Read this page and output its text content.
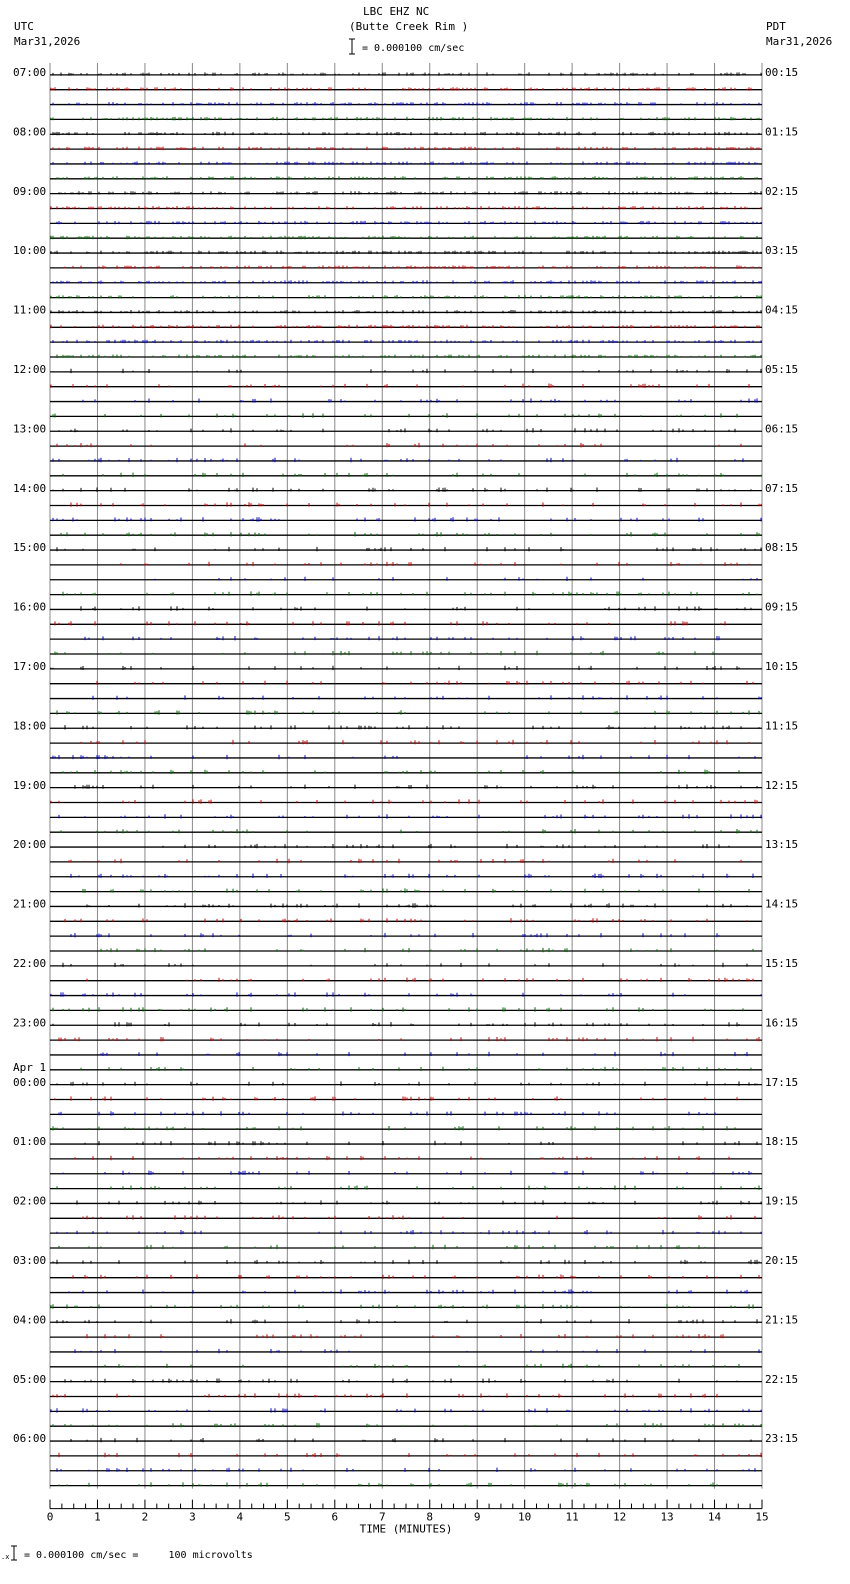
LBC EHZ NC
(Butte Creek Rim )
UTC
Mar31,2026
PDT
Mar31,2026
= 0.000100 cm/sec
07:00
08:00
09:00
10:00
11:00
12:00
13:00
14:00
15:00
16:00
17:00
18:00
19:00
20:00
21:00
22:00
23:00
00:00
01:00
02:00
03:00
04:00
05:00
06:00
00:15
01:15
02:15
03:15
04:15
05:15
06:15
07:15
08:15
09:15
10:15
11:15
12:15
13:15
14:15
15:15
16:15
17:15
18:15
19:15
20:15
21:15
22:15
23:15
Apr 1
0	1	2	3	4	5	6	7	8	9	10	11	12	13	14	15
TIME (MINUTES)
.x = 0.000100 cm/sec =     100 microvolts
